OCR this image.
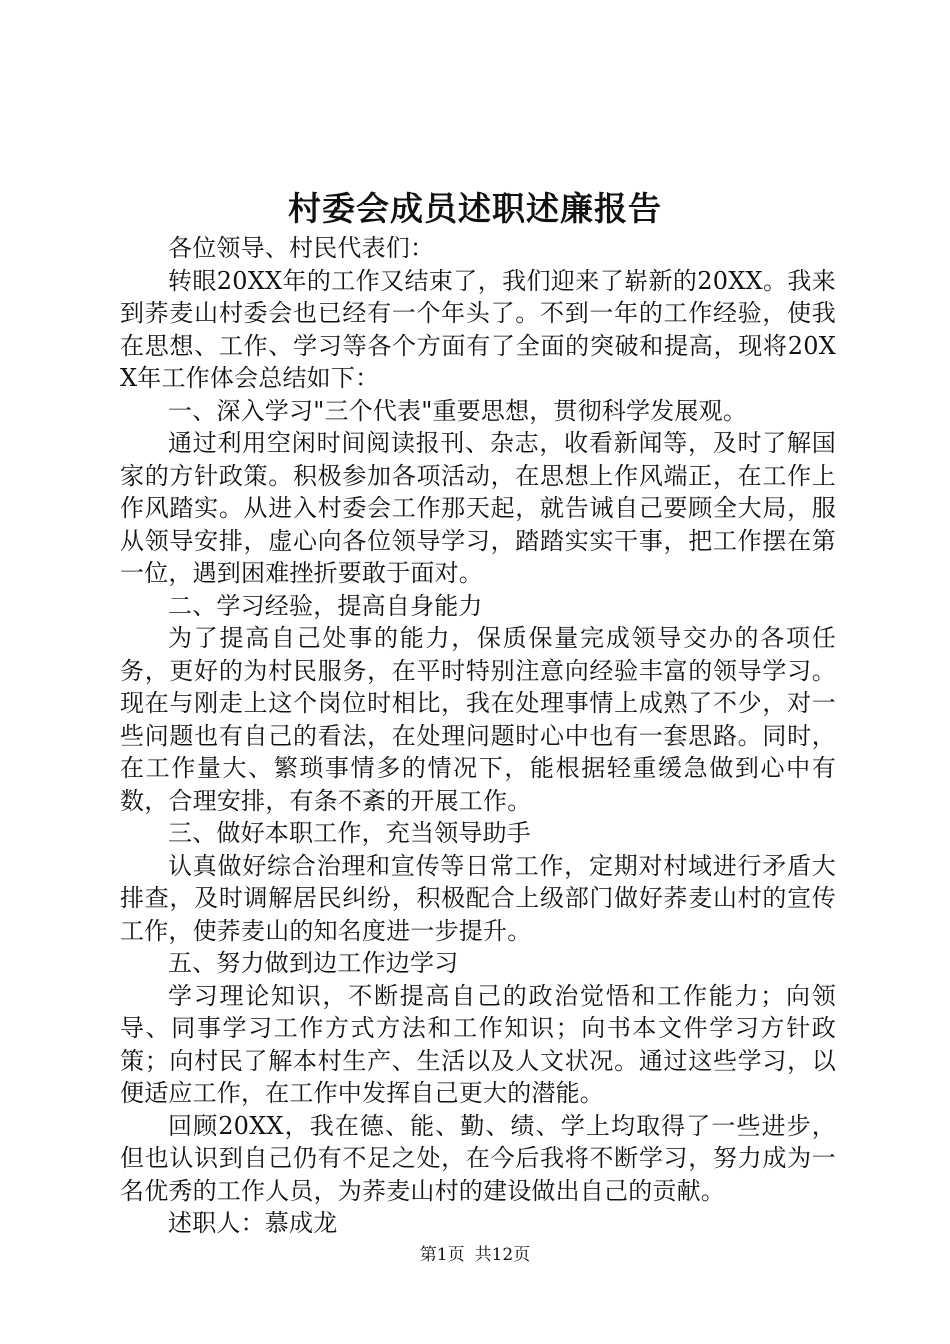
村委会成员述职述廉报告

各位领导、村民代表们：

转眼20XX年的工作又结束了，我们迎来了崭新的20XX。我来到荞麦山村委会也已经有一个年头了。不到一年的工作经验，使我在思想、工作、学习等各个方面有了全面的突破和提高，现将20XX年工作体会总结如下：

一、深入学习"三个代表"重要思想，贯彻科学发展观。

通过利用空闲时间阅读报刊、杂志，收看新闻等，及时了解国家的方针政策。积极参加各项活动，在思想上作风端正，在工作上作风踏实。从进入村委会工作那天起，就告诫自己要顾全大局，服从领导安排，虚心向各位领导学习，踏踏实实干事，把工作摆在第一位，遇到困难挫折要敢于面对。

二、学习经验，提高自身能力

为了提高自己处事的能力，保质保量完成领导交办的各项任务，更好的为村民服务，在平时特别注意向经验丰富的领导学习。现在与刚走上这个岗位时相比，我在处理事情上成熟了不少，对一些问题也有自己的看法，在处理问题时心中也有一套思路。同时，在工作量大、繁琐事情多的情况下，能根据轻重缓急做到心中有数，合理安排，有条不紊的开展工作。

三、做好本职工作，充当领导助手

认真做好综合治理和宣传等日常工作，定期对村域进行矛盾大排查，及时调解居民纠纷，积极配合上级部门做好荞麦山村的宣传工作，使荞麦山的知名度进一步提升。

五、努力做到边工作边学习

学习理论知识，不断提高自己的政治觉悟和工作能力；向领导、同事学习工作方式方法和工作知识；向书本文件学习方针政策；向村民了解本村生产、生活以及人文状况。通过这些学习，以便适应工作，在工作中发挥自己更大的潜能。

回顾20XX，我在德、能、勤、绩、学上均取得了一些进步，但也认识到自己仍有不足之处，在今后我将不断学习，努力成为一名优秀的工作人员，为荞麦山村的建设做出自己的贡献。

述职人：慕成龙

第1页 共12页
